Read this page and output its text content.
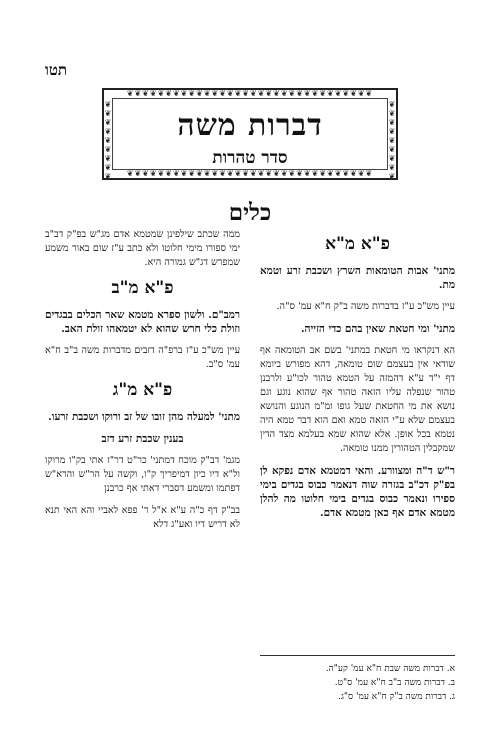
תטו
❦❦❦❦❦❦❦❦❦❦❦❦❦❦❦❦❦❦❦❦❦❦❦❦❦❦❦❦❦❦❦❦
❦❦❦❦❦❦❦❦❦❦❦❦❦❦❦❦❦❦❦❦❦❦❦❦❦❦❦❦❦❦❦❦
❦❦❦❦❦❦❦❦❦
❦❦❦❦❦❦❦❦❦
דברות משה
סדר טהרות
כלים
פ"א מ"א

מתני' אבות הטומאות השרץ ושכבת זרע וטמא מת.

עיין מש"כ ע"ז בדברות משה ב"ק ח"א עמ' ס"ה.

מתני' ומי חטאת שאין בהם כדי הזייה.

הא דנקראו מי חטאת במתני' בשם אב הטומאה אף שודאי אין בעצמם שום טומאה, דהא מפורש ביומא דף י"ד ע"א דהמזה על הטמא טהור לכו"ע ולרבנן טהור שנפלה עליו הזאה טהור אף שהוא נוגע וגם נושא את מי החטאת שעל גופו ומ"מ הנוגע והנושא בעצמם שלא ע"י הזאה טמא ואם הוא דבר טמא היה נטמא בכל אופן. אלא שהוא שמא בעלמא מצד הדין שמקבלין הטהורין ממנו טומאה.

ר"ש ד"ה ומצוורע. והאי דמטמא אדם נפקא לן בפ"ק דכ"ב בגזרה שוה דנאמר כבוס בגדים בימי ספירו ונאמר כבוס בגדים בימי חלוטו מה להלן מטמא אדם אף כאן מטמא אדם.

ממה שכתב שילפינן שמטמא אדם מג"ש בפ"ק דב"ב ימי ספורו מימי חלוטו ולא כתב ע"ז שום באור משמע שמפרש דג"ש גמורה היא.

פ"א מ"ב

רמב"ם. ולשון ספרא מטמא שאר הכלים בבגדים וזולת כלי חרש שהוא לא יטמאהו זולת האב.

עיין מש"כ ע"ז ברפ"ה דזבים מדברות משה ב"ב ח"א עמ' ס"ב.

פ"א מ"ג

מתני' למעלה מהן זובו של זב ורוקו ושכבת זרעו.

בענין שכבת זרע דזב

מגמ' דב"ק מוכח דמתני' כר"ט דר"ז אתי בק"ו מרוקו ול"א דיו כיון דמיפריך ק"ו, וקשה על הר"ש והרא"ש דפתמו ומשמע דסברי דאתי אף כרבנן

בב"ק דף כ"ה ע"א א"ל ר' פפא לאביי והא האי תנא לא דריש דיו ואע"ג דלא

א. דברות משה שבת ח"א עמ' קע"ה.
ב. דברות משה ב"ב ח"א עמ' ס"ט.
ג. דברות משה ב"ק ח"א עמ' ס"ג.
